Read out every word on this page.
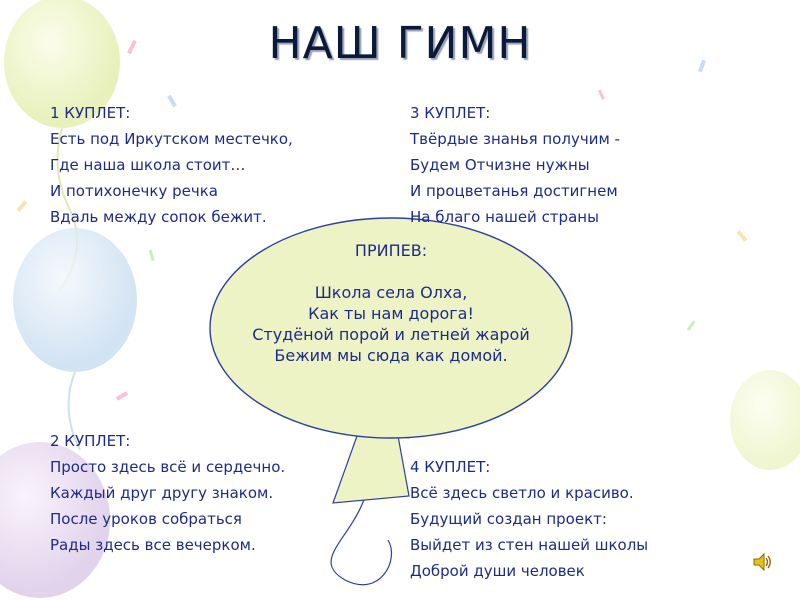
НАШ ГИМН
1 КУПЛЕТ:
Есть под Иркутском местечко,
Где наша школа стоит…
И потихонечку речка
Вдаль между сопок бежит.
3 КУПЛЕТ:
Твёрдые знанья получим -
Будем Отчизне нужны
И процветанья достигнем
На благо нашей страны
ПРИПЕВ:
Школа села Олха,
Как ты нам дорога!
Студёной порой и летней жарой
Бежим мы сюда как домой.
2 КУПЛЕТ:
Просто здесь всё и сердечно.
Каждый друг другу знаком.
После уроков собраться
Рады здесь все вечерком.
4 КУПЛЕТ:
Всё здесь светло и красиво.
Будущий создан проект:
Выйдет из стен нашей школы
Доброй души человек
